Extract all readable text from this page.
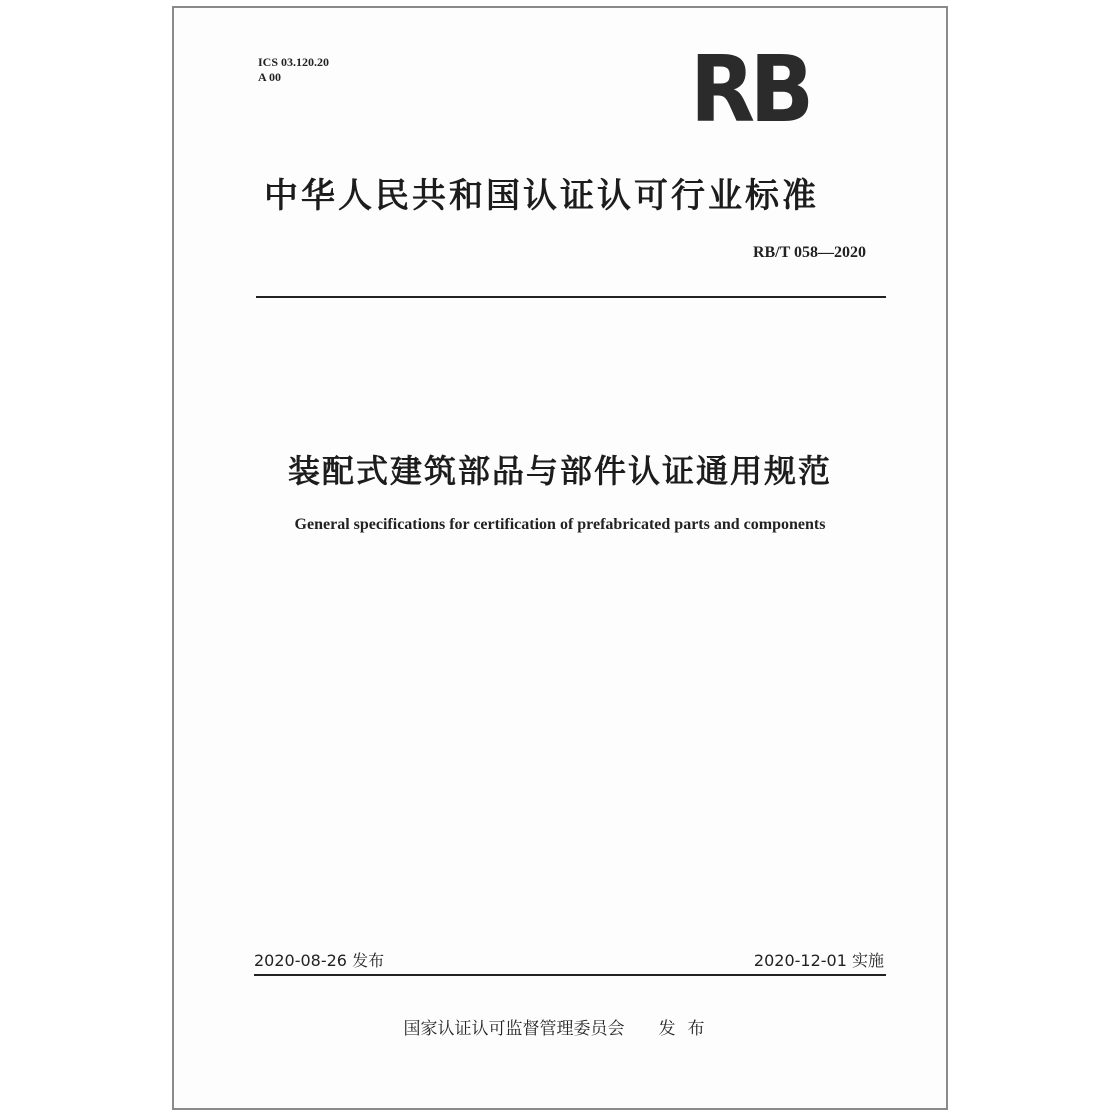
ICS 03.120.20
A 00	RB
中华人民共和国认证认可行业标准
RB/T 058—2020
装配式建筑部品与部件认证通用规范
General specifications for certification of prefabricated parts and components
2020-08-26 发布	2020-12-01 实施
国家认证认可监督管理委员会 发布
